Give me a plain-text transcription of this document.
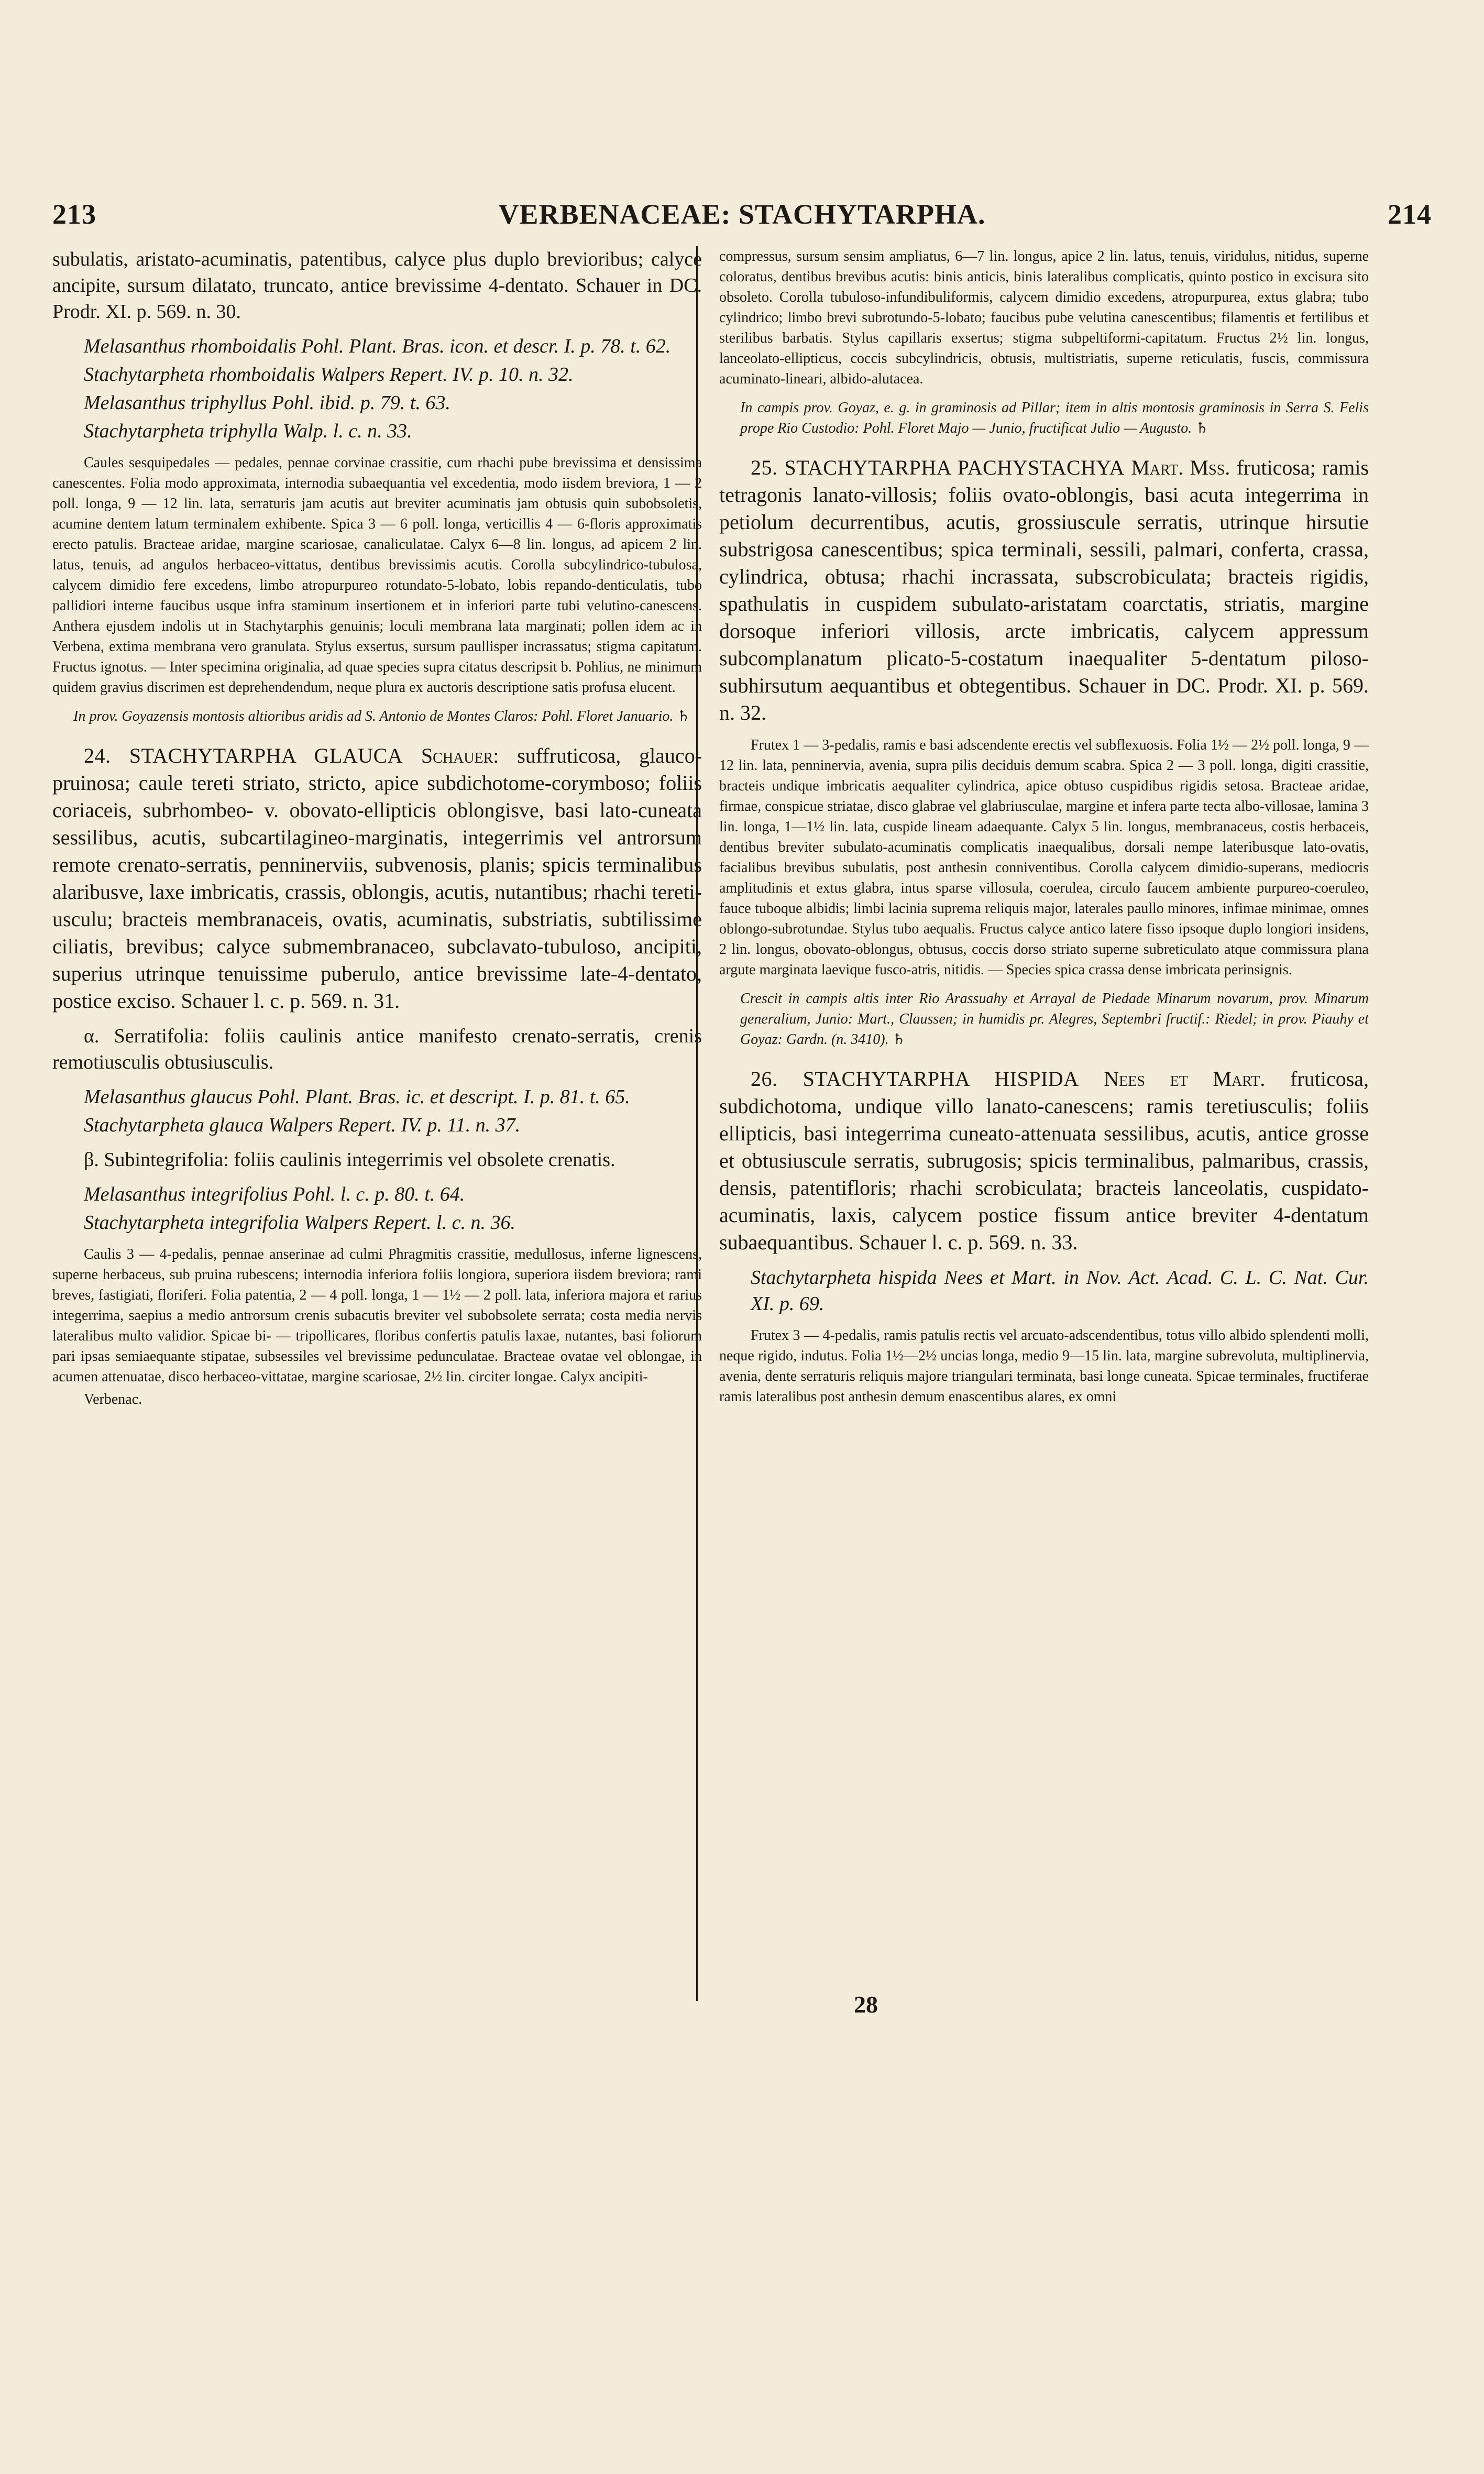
213	VERBENACEAE: STACHYTARPHA.	214

subulatis, aristato-acuminatis, patentibus, calyce plus duplo brevioribus; calyce ancipite, sursum dilatato, truncato, antice brevissime 4-dentato. Schauer in DC. Prodr. XI. p. 569. n. 30.

Melasanthus rhomboidalis Pohl. Plant. Bras. icon. et descr. I. p. 78. t. 62.

Stachytarpheta rhomboidalis Walpers Repert. IV. p. 10. n. 32.

Melasanthus triphyllus Pohl. ibid. p. 79. t. 63.

Stachytarpheta triphylla Walp. l. c. n. 33.

Caules sesquipedales — pedales, pennae corvinae crassitie, cum rhachi pube brevissima et densissima canescentes. Folia modo approximata, internodia subaequantia vel excedentia, modo iisdem breviora, 1 — 2 poll. longa, 9 — 12 lin. lata, serraturis jam acutis aut breviter acuminatis jam obtusis quin subobsoletis, acumine dentem latum terminalem exhibente. Spica 3 — 6 poll. longa, verticillis 4 — 6-floris approximatis erecto patulis. Bracteae aridae, margine scariosae, canaliculatae. Calyx 6—8 lin. longus, ad apicem 2 lin. latus, tenuis, ad angulos herbaceo-vittatus, dentibus brevissimis acutis. Corolla subcylindrico-tubulosa, calycem dimidio fere excedens, limbo atropurpureo rotundato-5-lobato, lobis repando-denticulatis, tubo pallidiori interne faucibus usque infra staminum insertionem et in inferiori parte tubi velutino-canescens. Anthera ejusdem indolis ut in Stachytarphis genuinis; loculi membrana lata marginati; pollen idem ac in Verbena, extima membrana vero granulata. Stylus exsertus, sursum paullisper incrassatus; stigma capitatum. Fructus ignotus. — Inter specimina originalia, ad quae species supra citatus descripsit b. Pohlius, ne minimum quidem gravius discrimen est deprehendendum, neque plura ex auctoris descriptione satis profusa elucent.

In prov. Goyazensis montosis altioribus aridis ad S. Antonio de Montes Claros: Pohl. Floret Januario. ♄

24. STACHYTARPHA GLAUCA Schauer: suffruticosa, glauco-pruinosa; caule tereti striato, stricto, apice subdichotome-corymboso; foliis coriaceis, subrhombeo- v. obovato-ellipticis oblongisve, basi lato-cuneata sessilibus, acutis, subcartilagineo-marginatis, integerrimis vel antrorsum remote crenato-serratis, penninerviis, subvenosis, planis; spicis terminalibus alaribusve, laxe imbricatis, crassis, oblongis, acutis, nutantibus; rhachi teretiusculu; bracteis membranaceis, ovatis, acuminatis, substriatis, subtilissime ciliatis, brevibus; calyce submembranaceo, subclavato-tubuloso, ancipiti, superius utrinque tenuissime puberulo, antice brevissime late-4-dentato, postice exciso. Schauer l. c. p. 569. n. 31.

α. Serratifolia: foliis caulinis antice manifesto crenato-serratis, crenis remotiusculis obtusiusculis.

Melasanthus glaucus Pohl. Plant. Bras. ic. et descript. I. p. 81. t. 65.

Stachytarpheta glauca Walpers Repert. IV. p. 11. n. 37.

β. Subintegrifolia: foliis caulinis integerrimis vel obsolete crenatis.

Melasanthus integrifolius Pohl. l. c. p. 80. t. 64.

Stachytarpheta integrifolia Walpers Repert. l. c. n. 36.

Caulis 3 — 4-pedalis, pennae anserinae ad culmi Phragmitis crassitie, medullosus, inferne lignescens, superne herbaceus, sub pruina rubescens; internodia inferiora foliis longiora, superiora iisdem breviora; rami breves, fastigiati, floriferi. Folia patentia, 2 — 4 poll. longa, 1 — 1½ — 2 poll. lata, inferiora majora et rarius integerrima, saepius a medio antrorsum crenis subacutis breviter vel subobsolete serrata; costa media nervis lateralibus multo validior. Spicae bi- — tripollicares, floribus confertis patulis laxae, nutantes, basi foliorum pari ipsas semiaequante stipatae, subsessiles vel brevissime pedunculatae. Bracteae ovatae vel oblongae, in acumen attenuatae, disco herbaceo-vittatae, margine scariosae, 2½ lin. circiter longae. Calyx ancipiti-

Verbenac.

compressus, sursum sensim ampliatus, 6—7 lin. longus, apice 2 lin. latus, tenuis, viridulus, nitidus, superne coloratus, dentibus brevibus acutis: binis anticis, binis lateralibus complicatis, quinto postico in excisura sito obsoleto. Corolla tubuloso-infundibuliformis, calycem dimidio excedens, atropurpurea, extus glabra; tubo cylindrico; limbo brevi subrotundo-5-lobato; faucibus pube velutina canescentibus; filamentis et fertilibus et sterilibus barbatis. Stylus capillaris exsertus; stigma subpeltiformi-capitatum. Fructus 2½ lin. longus, lanceolato-ellipticus, coccis subcylindricis, obtusis, multistriatis, superne reticulatis, fuscis, commissura acuminato-lineari, albido-alutacea.

In campis prov. Goyaz, e. g. in graminosis ad Pillar; item in altis montosis graminosis in Serra S. Felis prope Rio Custodio: Pohl. Floret Majo — Junio, fructificat Julio — Augusto. ♄

25. STACHYTARPHA PACHYSTACHYA Mart. Mss. fruticosa; ramis tetragonis lanato-villosis; foliis ovato-oblongis, basi acuta integerrima in petiolum decurrentibus, acutis, grossiuscule serratis, utrinque hirsutie substrigosa canescentibus; spica terminali, sessili, palmari, conferta, crassa, cylindrica, obtusa; rhachi incrassata, subscrobiculata; bracteis rigidis, spathulatis in cuspidem subulato-aristatam coarctatis, striatis, margine dorsoque inferiori villosis, arcte imbricatis, calycem appressum subcomplanatum plicato-5-costatum inaequaliter 5-dentatum piloso-subhirsutum aequantibus et obtegentibus. Schauer in DC. Prodr. XI. p. 569. n. 32.

Frutex 1 — 3-pedalis, ramis e basi adscendente erectis vel subflexuosis. Folia 1½ — 2½ poll. longa, 9 — 12 lin. lata, penninervia, avenia, supra pilis deciduis demum scabra. Spica 2 — 3 poll. longa, digiti crassitie, bracteis undique imbricatis aequaliter cylindrica, apice obtuso cuspidibus rigidis setosa. Bracteae aridae, firmae, conspicue striatae, disco glabrae vel glabriusculae, margine et infera parte tecta albo-villosae, lamina 3 lin. longa, 1—1½ lin. lata, cuspide lineam adaequante. Calyx 5 lin. longus, membranaceus, costis herbaceis, dentibus breviter subulato-acuminatis complicatis inaequalibus, dorsali nempe lateribusque lato-ovatis, facialibus brevibus subulatis, post anthesin conniventibus. Corolla calycem dimidio-superans, mediocris amplitudinis et extus glabra, intus sparse villosula, coerulea, circulo faucem ambiente purpureo-coeruleo, fauce tuboque albidis; limbi lacinia suprema reliquis major, laterales paullo minores, infimae minimae, omnes oblongo-subrotundae. Stylus tubo aequalis. Fructus calyce antico latere fisso ipsoque duplo longiori insidens, 2 lin. longus, obovato-oblongus, obtusus, coccis dorso striato superne subreticulato atque commissura plana argute marginata laevique fusco-atris, nitidis. — Species spica crassa dense imbricata perinsignis.

Crescit in campis altis inter Rio Arassuahy et Arrayal de Piedade Minarum novarum, prov. Minarum generalium, Junio: Mart., Claussen; in humidis pr. Alegres, Septembri fructif.: Riedel; in prov. Piauhy et Goyaz: Gardn. (n. 3410). ♄

26. STACHYTARPHA HISPIDA Nees et Mart. fruticosa, subdichotoma, undique villo lanato-canescens; ramis teretiusculis; foliis ellipticis, basi integerrima cuneato-attenuata sessilibus, acutis, antice grosse et obtusiuscule serratis, subrugosis; spicis terminalibus, palmaribus, crassis, densis, patentifloris; rhachi scrobiculata; bracteis lanceolatis, cuspidato-acuminatis, laxis, calycem postice fissum antice breviter 4-dentatum subaequantibus. Schauer l. c. p. 569. n. 33.

Stachytarpheta hispida Nees et Mart. in Nov. Act. Acad. C. L. C. Nat. Cur. XI. p. 69.

Frutex 3 — 4-pedalis, ramis patulis rectis vel arcuato-adscendentibus, totus villo albido splendenti molli, neque rigido, indutus. Folia 1½—2½ uncias longa, medio 9—15 lin. lata, margine subrevoluta, multiplinervia, avenia, dente serraturis reliquis majore triangulari terminata, basi longe cuneata. Spicae terminales, fructiferae ramis lateralibus post anthesin demum enascentibus alares, ex omni

28
